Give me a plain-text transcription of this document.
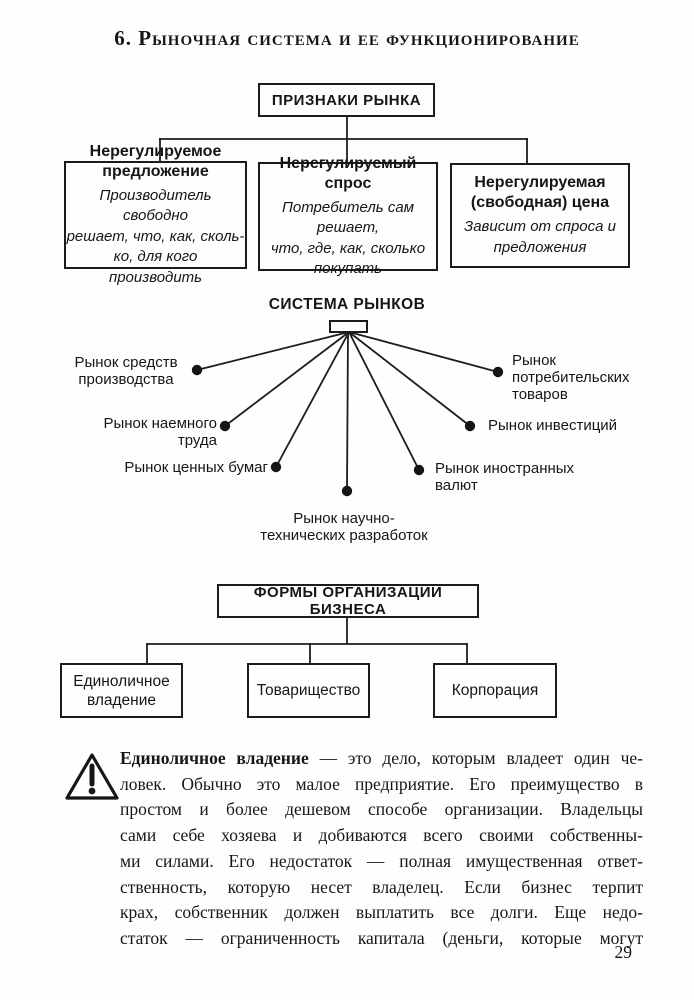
6. Рыночная система и ее функционирование
ПРИЗНАКИ РЫНКА
Нерегулируемое
предложение
Производитель свободно
решает, что, как, сколь-
ко, для кого производить
Нерегулируемый
спрос
Потребитель сам решает,
что, где, как, сколько
покупать
Нерегулируемая
(свободная) цена
Зависит от спроса и
предложения
СИСТЕМА РЫНКОВ
Рынок средств
производства
Рынок наемного
труда
Рынок ценных бумаг
Рынок научно-
технических разработок
Рынок иностранных
валют
Рынок инвестиций
Рынок
потребительских
товаров
ФОРМЫ ОРГАНИЗАЦИИ БИЗНЕСА
Единоличное
владение
Товарищество	Корпорация
Единоличное владение — это дело, которым владеет один че-
ловек. Обычно это малое предприятие. Его преимущество в
простом и более дешевом способе организации. Владельцы
сами себе хозяева и добиваются всего своими собственны-
ми силами. Его недостаток — полная имущественная ответ-
ственность, которую несет владелец. Если бизнес терпит
крах, собственник должен выплатить все долги. Еще недо-
статок — ограниченность капитала (деньги, которые могут
29
